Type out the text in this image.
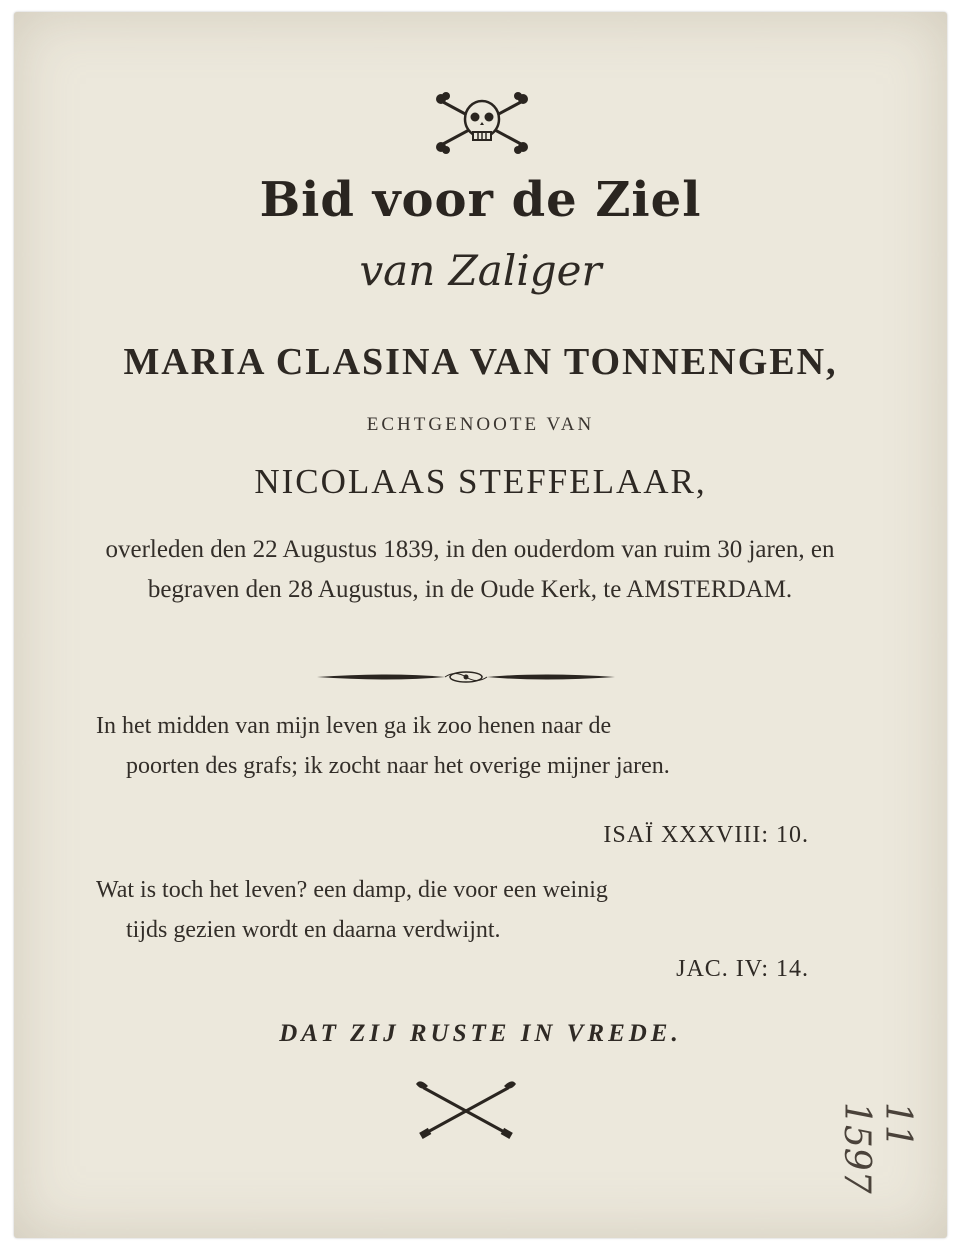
Bid voor de Ziel
van Zaliger
MARIA CLASINA VAN TONNENGEN,
ECHTGENOOTE VAN
NICOLAAS STEFFELAAR,
overleden den 22 Augustus 1839, in den ouderdom van ruim 30 jaren, en begraven den 28 Augustus, in de Oude Kerk, te AMSTERDAM.
In het midden van mijn leven ga ik zoo henen naar de
poorten des grafs; ik zocht naar het overige mijner jaren.
ISAÏ XXXVIII: 10.
Wat is toch het leven? een damp, die voor een weinig
tijds gezien wordt en daarna verdwijnt.
JAC. IV: 14.
DAT ZIJ RUSTE IN VREDE.
11 1597
